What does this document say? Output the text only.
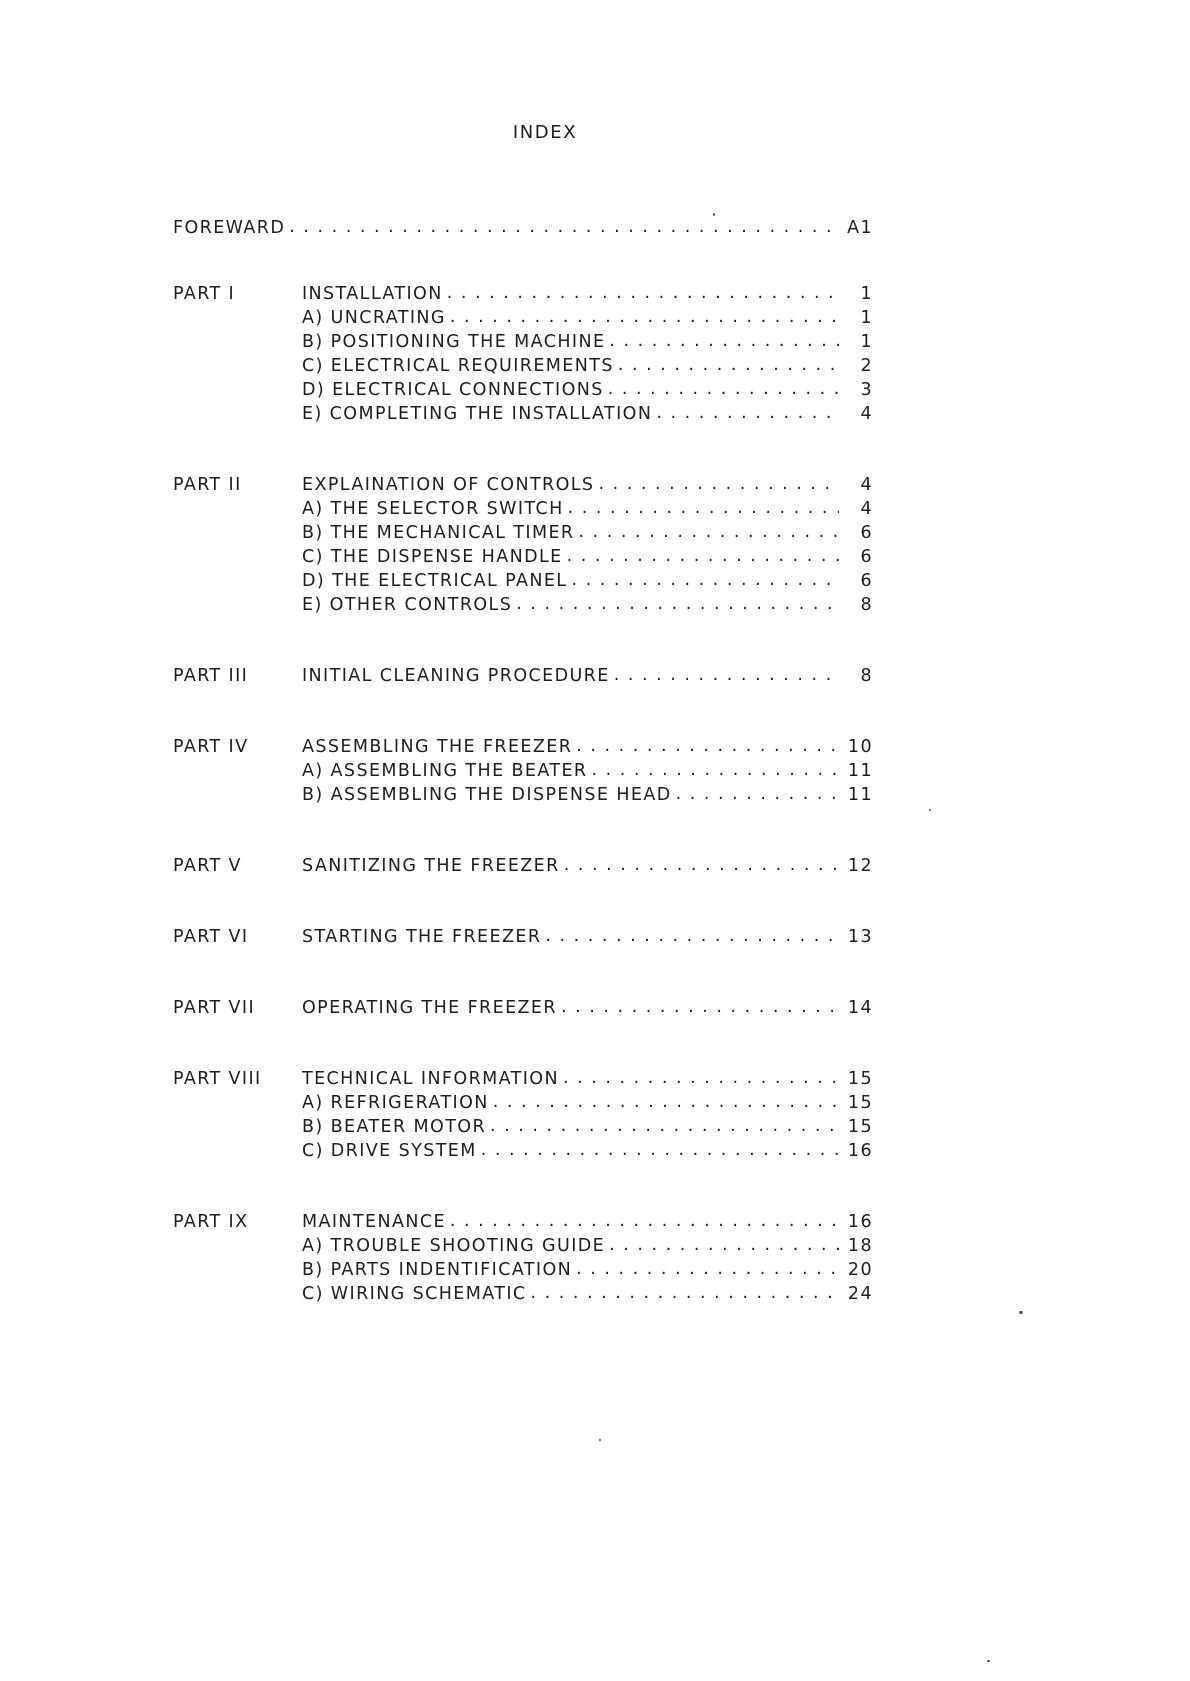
INDEX
FOREWARD . . .	A1
PART I	INSTALLATION . . .	1
A) UNCRATING . . .	1
B) POSITIONING THE MACHINE . . .	1
C) ELECTRICAL REQUIREMENTS . . .	2
D) ELECTRICAL CONNECTIONS . . .	3
E) COMPLETING THE INSTALLATION . . .	4
PART II	EXPLAINATION OF CONTROLS . . .	4
A) THE SELECTOR SWITCH . . .	4
B) THE MECHANICAL TIMER . . .	6
C) THE DISPENSE HANDLE . . .	6
D) THE ELECTRICAL PANEL . . .	6
E) OTHER CONTROLS . . .	8
PART III	INITIAL CLEANING PROCEDURE . . .	8
PART IV	ASSEMBLING THE FREEZER . . .	10
A) ASSEMBLING THE BEATER . . .	11
B) ASSEMBLING THE DISPENSE HEAD . . .	11
PART V	SANITIZING THE FREEZER . . .	12
PART VI	STARTING THE FREEZER . . .	13
PART VII	OPERATING THE FREEZER . . .	14
PART VIII	TECHNICAL INFORMATION . . .	15
A) REFRIGERATION . . .	15
B) BEATER MOTOR . . .	15
C) DRIVE SYSTEM . . .	16
PART IX	MAINTENANCE . . .	16
A) TROUBLE SHOOTING GUIDE . . .	18
B) PARTS INDENTIFICATION . . .	20
C) WIRING SCHEMATIC . . .	24
